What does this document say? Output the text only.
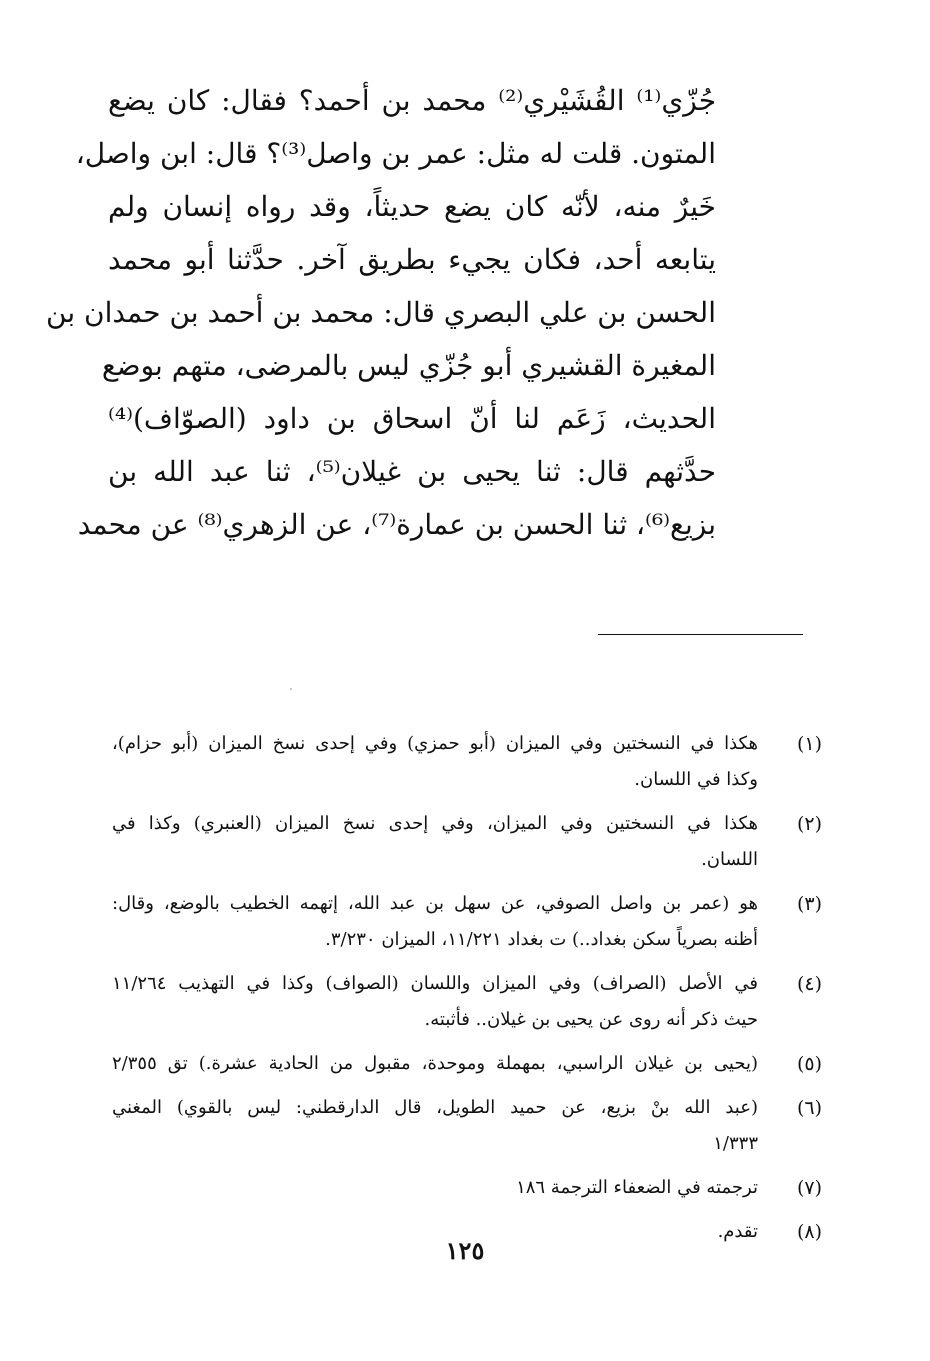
جُزّي⁽¹⁾ القُشَيْري⁽²⁾ محمد بن أحمد؟ فقال: كان يضع
المتون. قلت له مثل: عمر بن واصل⁽³⁾؟ قال: ابن واصل،
خَيرٌ منه، لأنّه كان يضع حديثاً، وقد رواه إنسان ولم
يتابعه أحد، فكان يجيء بطريق آخر. حدَّثنا أبو محمد
الحسن بن علي البصري قال: محمد بن أحمد بن حمدان بن
المغيرة القشيري أبو جُزّي ليس بالمرضى، متهم بوضع
الحديث، زَعَم لنا أنّ اسحاق بن داود (الصوّاف)⁽⁴⁾
حدَّثهم قال: ثنا يحيى بن غيلان⁽⁵⁾، ثنا عبد الله بن
بزيع⁽⁶⁾، ثنا الحسن بن عمارة⁽⁷⁾، عن الزهري⁽⁸⁾ عن محمد
(١)
هكذا في النسختين وفي الميزان (أبو حمزي) وفي إحدى نسخ الميزان (أبو حزام)،
وكذا في اللسان.
(٢)
هكذا في النسختين وفي الميزان، وفي إحدى نسخ الميزان (العنبري) وكذا في
اللسان.
(٣)
هو (عمر بن واصل الصوفي، عن سهل بن عبد الله، إتهمه الخطيب بالوضع، وقال:
أظنه بصرياً سكن بغداد..) ت بغداد ١١/٢٢١، الميزان ٣/٢٣٠.
(٤)
في الأصل (الصراف) وفي الميزان واللسان (الصواف) وكذا في التهذيب ١١/٢٦٤
حيث ذكر أنه روى عن يحيى بن غيلان.. فأثبته.
(٥)
(يحيى بن غيلان الراسبي، بمهملة وموحدة، مقبول من الحادية عشرة.) تق ٢/٣٥٥
(٦)
(عبد الله بنْ بزيع، عن حميد الطويل، قال الدارقطني: ليس بالقوي) المغني
١/٣٣٣
(٧)
ترجمته في الضعفاء الترجمة ١٨٦
(٨)
تقدم.
١٢٥
